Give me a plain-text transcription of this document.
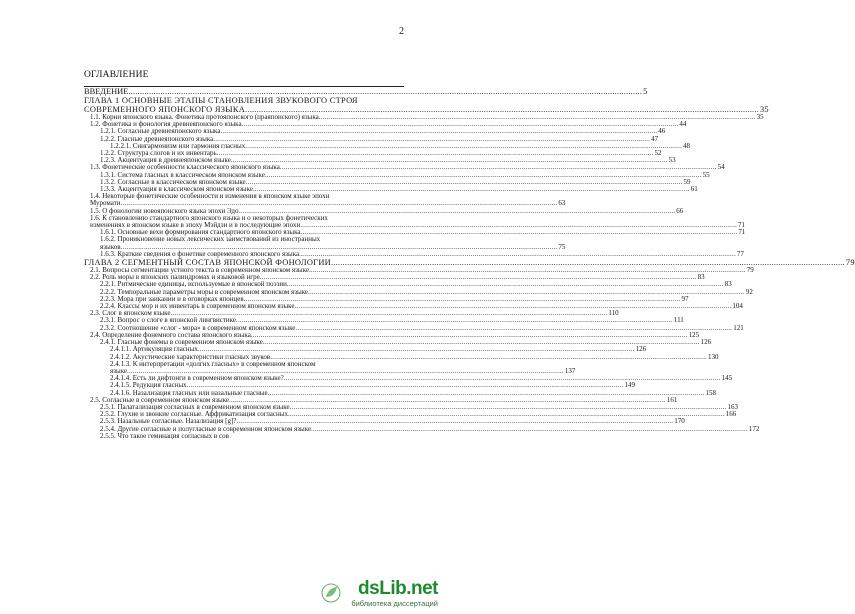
2
ОГЛАВЛЕНИЕ
ВВЕДЕНИЕ .....	5
ГЛАВА 1 ОСНОВНЫЕ ЭТАПЫ СТАНОВЛЕНИЯ ЗВУКОВОГО СТРОЯ
СОВРЕМЕННОГО ЯПОНСКОГО ЯЗЫКА .....	35
1.1. Корни японского языка. Фонетика протояпонского (праяпонского) языка .....	35
1.2. Фонетика и фонология древнеяпонского языка .....	44
1.2.1. Согласные древнеяпонского языка .....	46
1.2.2. Гласные древнеяпонского языка .....	47
1.2.2.1. Сингармонизм или гармония гласных .....	48
1.2.2. Структура слогов и их инвентарь .....	52
1.2.3. Акцентуация в древнеяпонском языке .....	53
1.3. Фонетические особенности классического японского языка .....	54
1.3.1. Система гласных в классическом японском языке .....	55
1.3.2. Согласные в классическом японском языке .....	59
1.3.3. Акцентуация в классическом японском языке .....	61
1.4. Некоторые фонетические особенности и изменения в японском языке эпохи
Муромати .....	63
1.5. О фонологии новояпонского языка эпохи Эдо .....	66
1.6. К становлению стандартного японского языка и о некоторых фонетических
изменениях в японском языке в эпоху Мэйдзи и в последующие эпохи .....	71
1.6.1. Основные вехи формирования стандартного японского языка .....	71
1.6.2. Проникновение новых лексических заимствований из иностранных
языков .....	75
1.6.3. Краткие сведения о фонетике современного японского языка .....	77
ГЛАВА 2 СЕГМЕНТНЫЙ СОСТАВ ЯПОНСКОЙ ФОНОЛОГИИ .....	79
2.1. Вопросы сегментации устного текста в современном японском языке .....	79
2.2. Роль моры в японских палиндромах и языковой игре .....	83
2.2.1. Ритмические единицы, используемые в японской поэзии .....	83
2.2.2. Темпоральные параметры моры в современном японском языке .....	92
2.2.3. Мора при заикании и в оговорках японцев .....	97
2.2.4. Классы мор и их инвентарь в современном японском языке .....	104
2.3. Слог в японском языке .....	110
2.3.1. Вопрос о слоге в японской лингвистике .....	111
2.3.2. Соотношение «слог - мора» в современном японском языке .....	121
2.4. Определение фонемного состава японского языка .....	125
2.4.1. Гласные фонемы в современном японском языке .....	126
2.4.1.1. Артикуляция гласных .....	126
2.4.1.2. Акустические характеристики гласных звуков .....	130
2.4.1.3. К интерпретации «долгих гласных» в современном японском
языке .....	137
2.4.1.4. Есть ли дифтонги в современном японском языке? .....	145
2.4.1.5. Редукция гласных .....	149
2.4.1.6. Назализация гласных или назальные гласные .....	158
2.5. Согласные в современном японском языке .....	161
2.5.1. Палатализация согласных в современном японском языке .....	163
2.5.2. Глухие и звонкие согласные. Аффрикатизация согласных .....	166
2.5.3. Назальные согласные. Назализация [g]? .....	170
2.5.4. Другие согласные и полугласные в современном японском языке .....	172
2.5.5. Что такое геминация согласных в сов
dsLib.net
библиотека диссертаций
